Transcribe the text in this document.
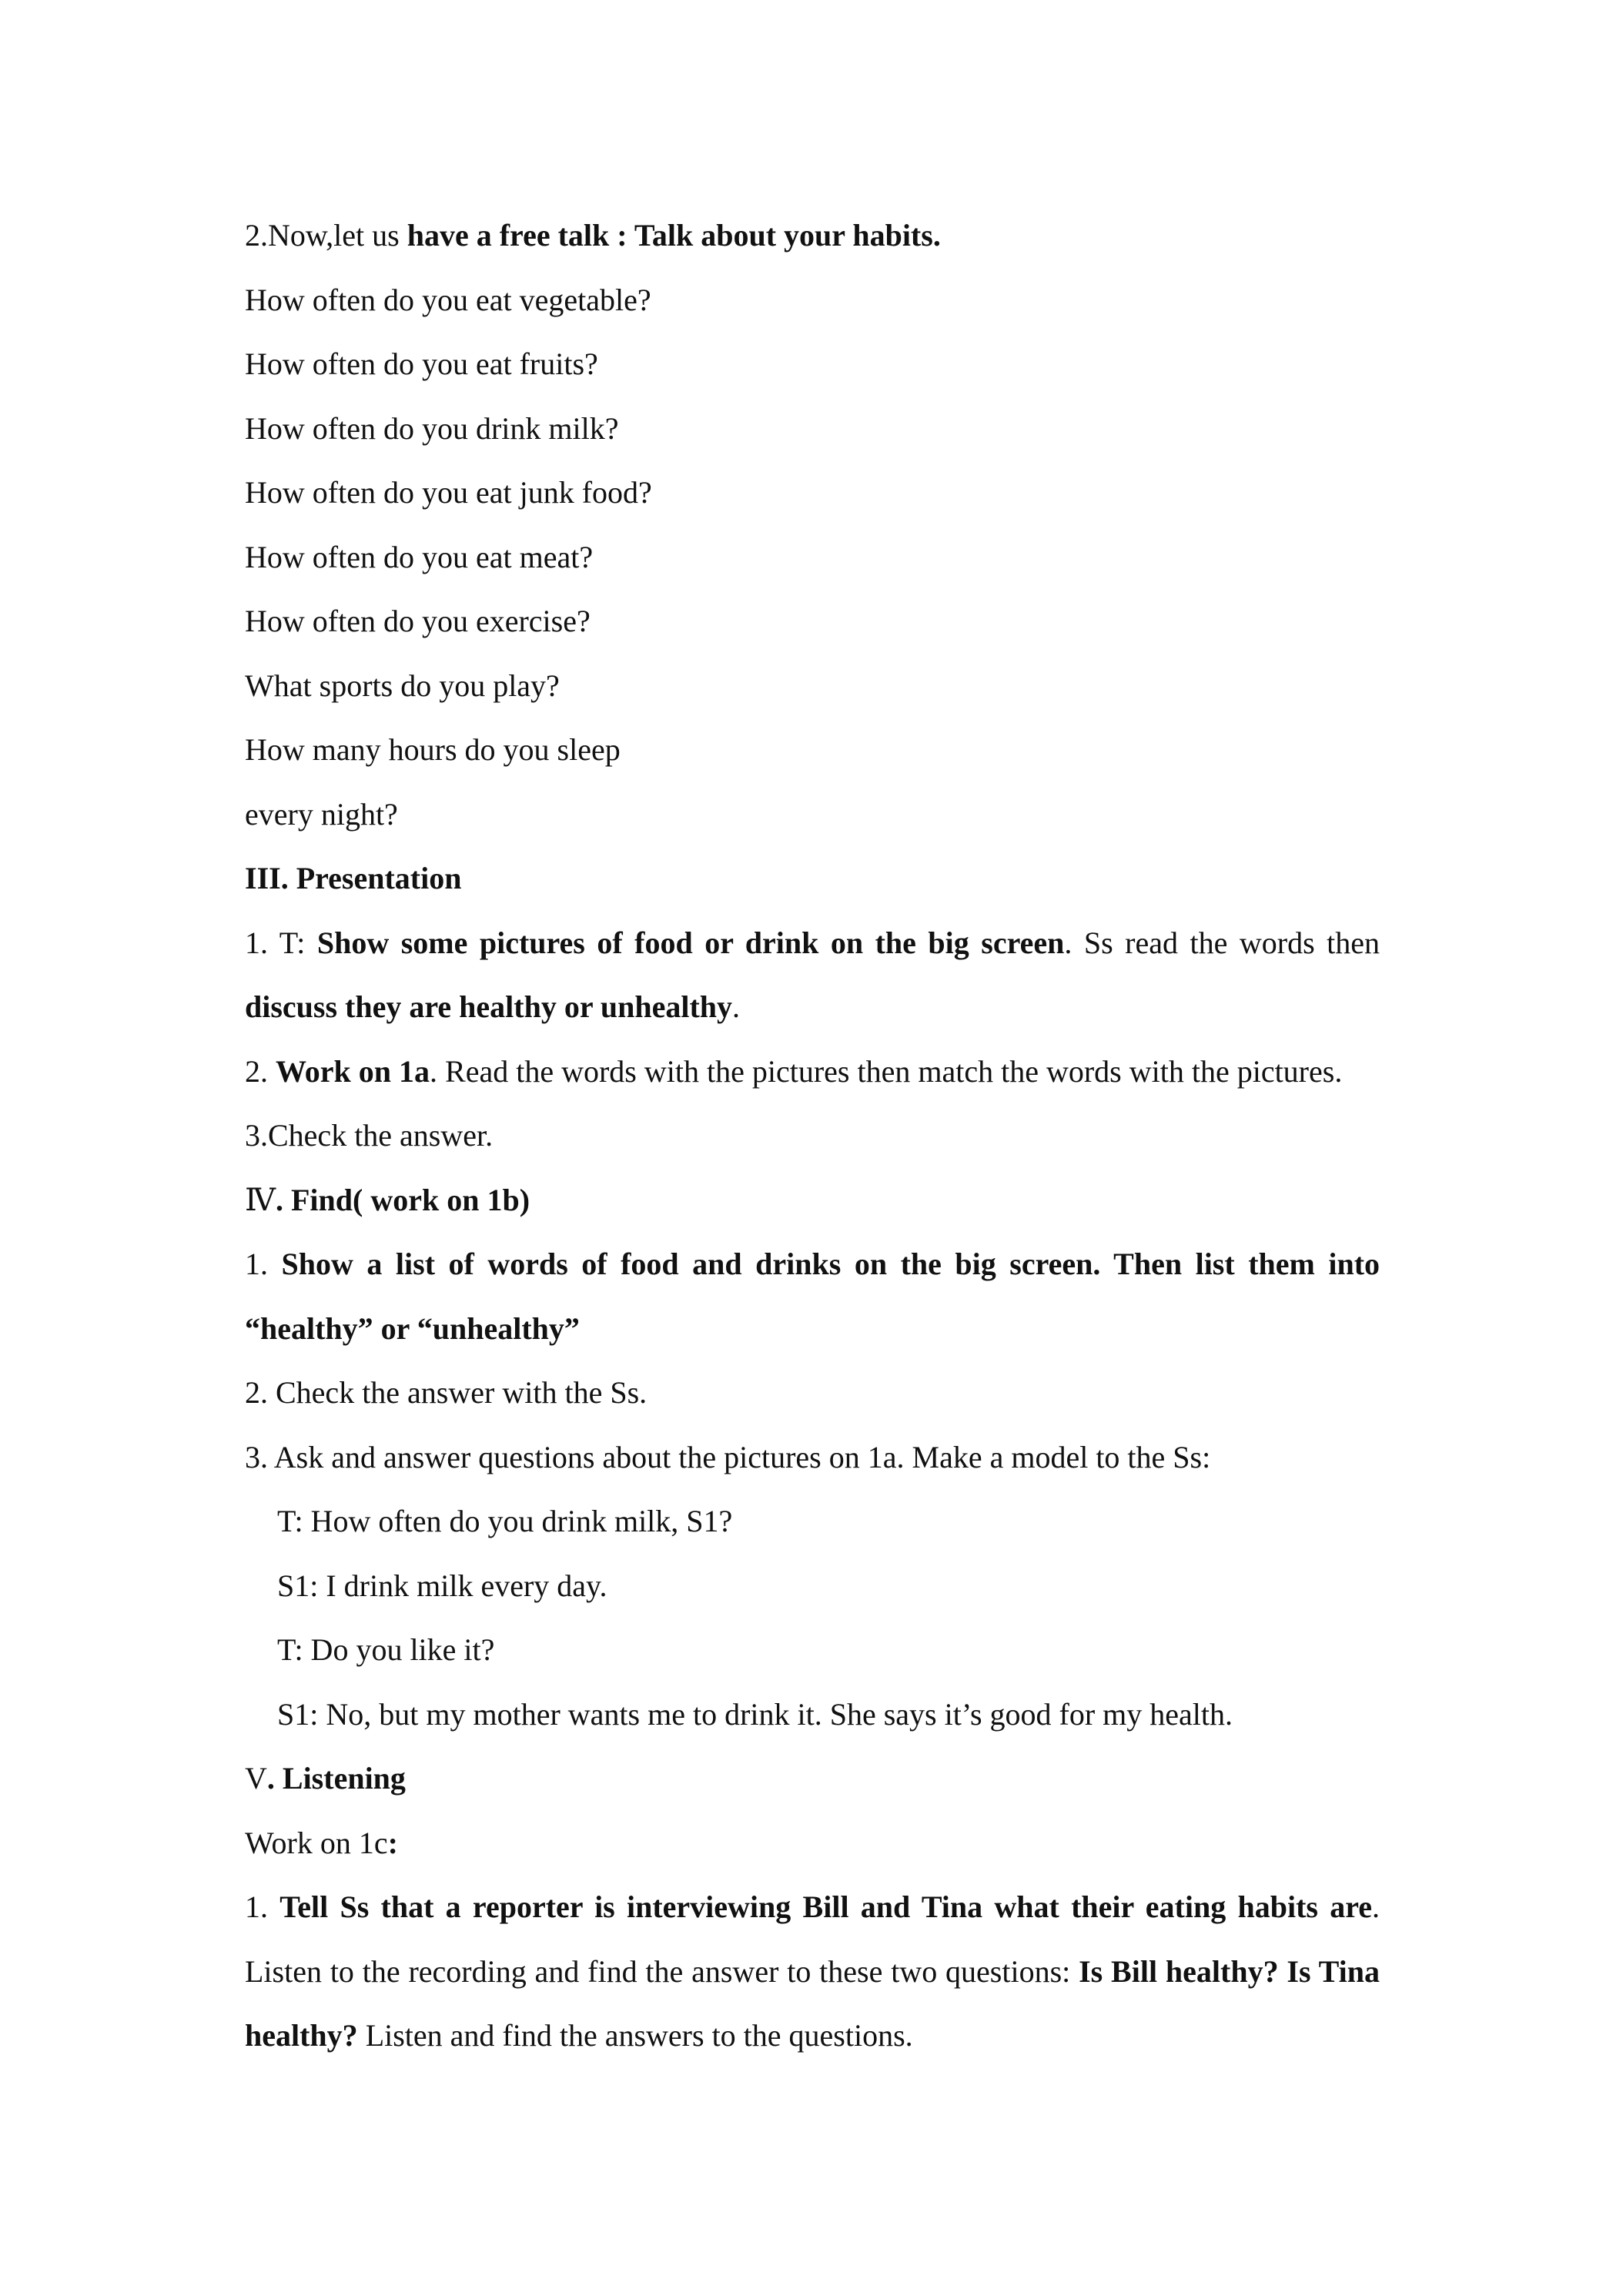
2.Now,let us have a free talk : Talk about your habits.
How often do you eat vegetable?
How often do you eat fruits?
How often do you drink milk?
How often do you eat junk food?
How often do you eat meat?
How often do you exercise?
What sports do you play?
How many hours do you sleep
every night?
III. Presentation
1. T: Show some pictures of food or drink on the big screen. Ss read the words then discuss they are healthy or unhealthy.
2. Work on 1a. Read the words with the pictures then match the words with the pictures.
3.Check the answer.
Ⅳ. Find( work on 1b)
1. Show a list of words of food and drinks on the big screen. Then list them into “healthy” or “unhealthy”
2. Check the answer with the Ss.
3. Ask and answer questions about the pictures on 1a. Make a model to the Ss:
T: How often do you drink milk, S1?
S1: I drink milk every day.
T: Do you like it?
S1: No, but my mother wants me to drink it. She says it’s good for my health.
V. Listening
Work on 1c:
1. Tell Ss that a reporter is interviewing Bill and Tina what their eating habits are. Listen to the recording and find the answer to these two questions: Is Bill healthy? Is Tina healthy? Listen and find the answers to the questions.
